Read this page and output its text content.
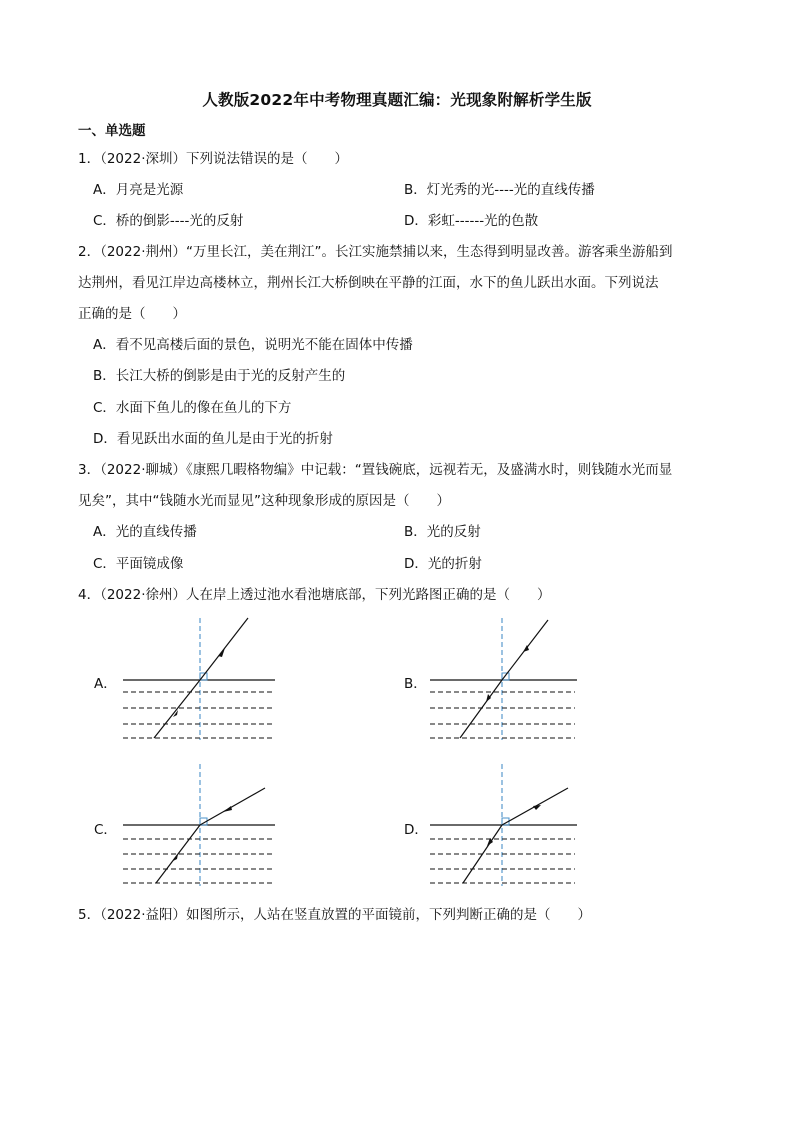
人教版2022年中考物理真题汇编：光现象附解析学生版
一、单选题
1．（2022·深圳）下列说法错误的是（　　）
A．月亮是光源	B．灯光秀的光----光的直线传播
C．桥的倒影----光的反射	D．彩虹------光的色散
2．（2022·荆州）“万里长江，美在荆江”。长江实施禁捕以来，生态得到明显改善。游客乘坐游船到
达荆州，看见江岸边高楼林立，荆州长江大桥倒映在平静的江面，水下的鱼儿跃出水面。下列说法
正确的是（　　）
A．看不见高楼后面的景色，说明光不能在固体中传播
B．长江大桥的倒影是由于光的反射产生的
C．水面下鱼儿的像在鱼儿的下方
D．看见跃出水面的鱼儿是由于光的折射
3．（2022·聊城）《康熙几暇格物编》中记载：“置钱碗底，远视若无，及盛满水时，则钱随水光而显
见矣”，其中“钱随水光而显见”这种现象形成的原因是（　　）
A．光的直线传播	B．光的反射
C．平面镜成像	D．光的折射
4．（2022·徐州）人在岸上透过池水看池塘底部，下列光路图正确的是（　　）
A．	B．
C．	D．
5．（2022·益阳）如图所示，人站在竖直放置的平面镜前，下列判断正确的是（　　）
